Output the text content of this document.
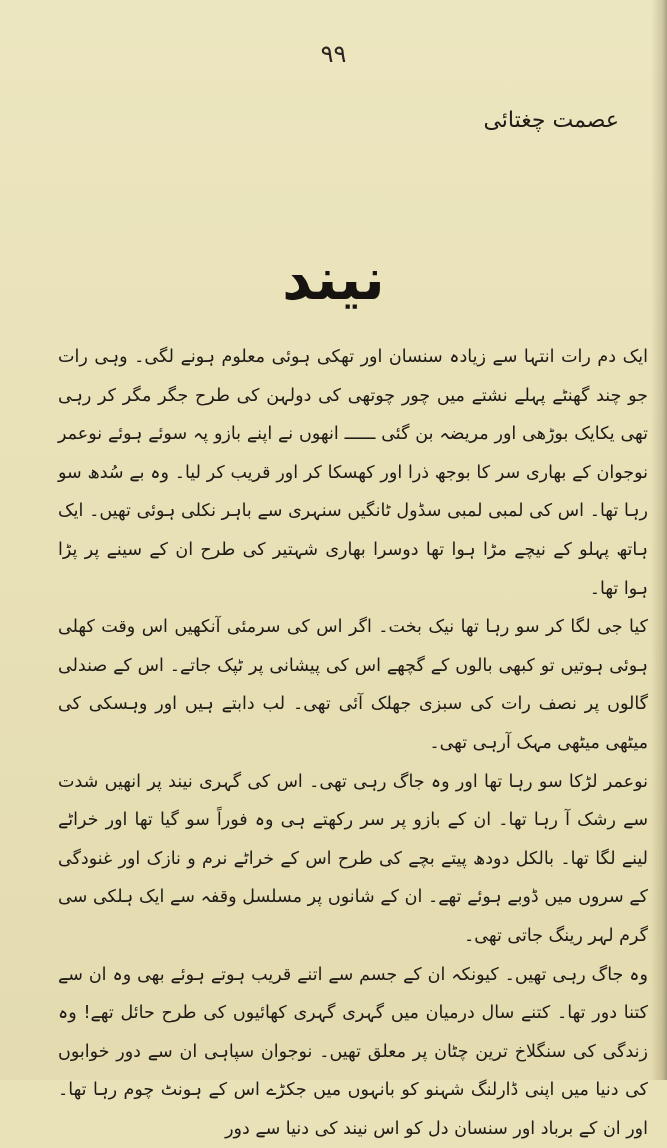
۹۹
عصمت چغتائی
نیند

ایک دم رات انتہا سے زیادہ سنسان اور تھکی ہوئی معلوم ہونے لگی۔ وہی رات جو چند گھنٹے پہلے نشتے میں چور چوتھی کی دولہن کی طرح جگر مگر کر رہی تھی یکایک بوڑھی اور مریضہ بن گئی ــــــ انھوں نے اپنے بازو پہ سوئے ہوئے نوعمر نوجوان کے بھاری سر کا بوجھ ذرا اور کھسکا کر اور قریب کر لیا۔ وہ بے سُدھ سو رہا تھا۔ اس کی لمبی لمبی سڈول ٹانگیں سنہری سے باہر نکلی ہوئی تھیں۔ ایک ہاتھ پہلو کے نیچے مڑا ہوا تھا دوسرا بھاری شہتیر کی طرح ان کے سینے پر پڑا ہوا تھا۔

کیا جی لگا کر سو رہا تھا نیک بخت۔ اگر اس کی سرمئی آنکھیں اس وقت کھلی ہوئی ہوتیں تو کبھی بالوں کے گچھے اس کی پیشانی پر ٹپک جاتے۔ اس کے صندلی گالوں پر نصف رات کی سبزی جھلک آئی تھی۔ لب دابتے ہیں اور وہسکی کی میٹھی میٹھی مہک آرہی تھی۔

نوعمر لڑکا سو رہا تھا اور وہ جاگ رہی تھی۔ اس کی گہری نیند پر انھیں شدت سے رشک آ رہا تھا۔ ان کے بازو پر سر رکھتے ہی وہ فوراً سو گیا تھا اور خراٹے لینے لگا تھا۔ بالکل دودھ پیتے بچے کی طرح اس کے خراٹے نرم و نازک اور غنودگی کے سروں میں ڈوبے ہوئے تھے۔ ان کے شانوں پر مسلسل وقفہ سے ایک ہلکی سی گرم لہر رینگ جاتی تھی۔

وہ جاگ رہی تھیں۔ کیونکہ ان کے جسم سے اتنے قریب ہوتے ہوئے بھی وہ ان سے کتنا دور تھا۔ کتنے سال درمیان میں گہری گہری کھائیوں کی طرح حائل تھے! وہ زندگی کی سنگلاخ ترین چٹان پر معلق تھیں۔ نوجوان سپاہی ان سے دور خوابوں کی دنیا میں اپنی ڈارلنگ شہنو کو بانہوں میں جکڑے اس کے ہونٹ چوم رہا تھا۔ اور ان کے برباد اور سنسان دل کو اس نیند کی دنیا سے دور
